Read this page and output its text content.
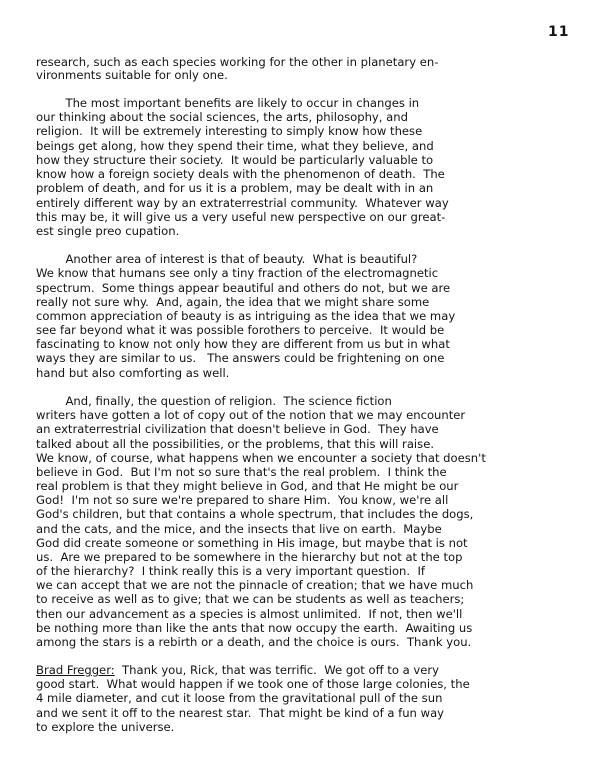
11
research, such as each species working for the other in planetary en-
vironments suitable for only one.
The most important benefits are likely to occur in changes in
our thinking about the social sciences, the arts, philosophy, and
religion.  It will be extremely interesting to simply know how these
beings get along, how they spend their time, what they believe, and
how they structure their society.  It would be particularly valuable to
know how a foreign society deals with the phenomenon of death.  The
problem of death, and for us it is a problem, may be dealt with in an
entirely different way by an extraterrestrial community.  Whatever way
this may be, it will give us a very useful new perspective on our great-
est single preo cupation.
Another area of interest is that of beauty.  What is beautiful?
We know that humans see only a tiny fraction of the electromagnetic
spectrum.  Some things appear beautiful and others do not, but we are
really not sure why.  And, again, the idea that we might share some
common appreciation of beauty is as intriguing as the idea that we may
see far beyond what it was possible forothers to perceive.  It would be
fascinating to know not only how they are different from us but in what
ways they are similar to us.   The answers could be frightening on one
hand but also comforting as well.
And, finally, the question of religion.  The science fiction
writers have gotten a lot of copy out of the notion that we may encounter
an extraterrestrial civilization that doesn't believe in God.  They have
talked about all the possibilities, or the problems, that this will raise.
We know, of course, what happens when we encounter a society that doesn't
believe in God.  But I'm not so sure that's the real problem.  I think the
real problem is that they might believe in God, and that He might be our
God!  I'm not so sure we're prepared to share Him.  You know, we're all
God's children, but that contains a whole spectrum, that includes the dogs,
and the cats, and the mice, and the insects that live on earth.  Maybe
God did create someone or something in His image, but maybe that is not
us.  Are we prepared to be somewhere in the hierarchy but not at the top
of the hierarchy?  I think really this is a very important question.  If
we can accept that we are not the pinnacle of creation; that we have much
to receive as well as to give; that we can be students as well as teachers;
then our advancement as a species is almost unlimited.  If not, then we'll
be nothing more than like the ants that now occupy the earth.  Awaiting us
among the stars is a rebirth or a death, and the choice is ours.  Thank you.
Brad Fregger:  Thank you, Rick, that was terrific.  We got off to a very
good start.  What would happen if we took one of those large colonies, the
4 mile diameter, and cut it loose from the gravitational pull of the sun
and we sent it off to the nearest star.  That might be kind of a fun way
to explore the universe.
